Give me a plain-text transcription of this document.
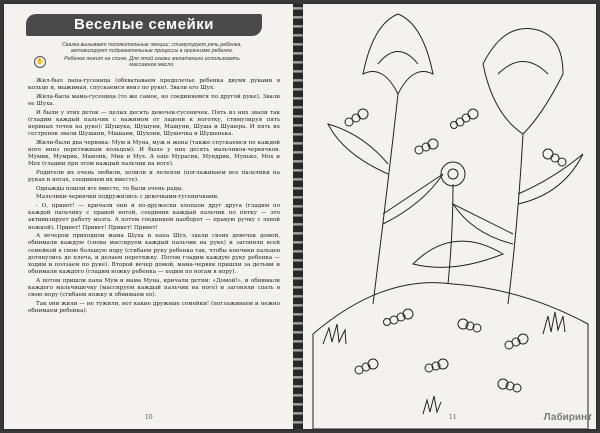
Веселые семейки
Сказка вызывает положительные эмоции; стимулирует речь ребенка, активизирует подражательные процессы в организме ребенка.
✋	Ребенок лежит на спине. Для этой сказки желательно использовать массажное масло.

Жил-был папа-гусеница (обхватываем предплечье ребенка двумя руками в кольцо и, мыжимая, спускаемся вниз по руке). Звали его Шух.

Жила-была мама-гусеница (то же самое, но соединяемся по другой руке). Звали ее Шуха.

И были у этих деток — целых десять девочек-гусеничек. Пять из них звали так (гладим каждый пальчик с нажимом от ладони к ноготку, стимулируя пять нервных точек на руке): Шушука, Шушуни, Машуни, Шуша и Шушера. И пять их сестренок звали Шушани, Машани, Шухони, Шушечка и Шушенька.

Жили-были два червяка: Мум и Муна, муж и жена (также спускаемся по каждой ноге вниз перетяжным кольцом). И было у них десять мальчиков-червячков. Мумик, Мумрик, Мамлик, Мик и Мух. А еще Мурасик, Мундрик, Мунько, Мох и Мех (гладим при этом каждый пальчик на ноге).

Родители их очень любили, холили и лелеяли (поглаживаем все пальчики на руках и ногах, соединяем их вместе).

Однажды пошли все вместе, то были очень рады.

Мальчики-червячки подружились с девочками-гусеничками.

- О, привет! — кричали они и по-дружески хлопали друг друга (гладим по каждой пальчику с правой ногой, соединив каждый пальчик по пятку — это активизирует работу мозга. А потом соединяем наоборот — правую ручку с левой ножкой). Привет! Привет! Привет! Привет!

А вечером приходили мама Шуха и папа Шух, звали своих девочек домой, обнимали каждую (снова массируем каждый пальчик на руке) и загоняли всей семейкой в свою большую нору (сгибаем руку ребенка так, чтобы кончики пальцев дотянулись до плеча, и делаем перетяжку. Потом гладим каждую руку ребенка — ходим и ползаем по руке). Второй вечер домой, мама-червяк пришли за детьми и обнимали каждого (гладим ножку ребенка — ходим по ногам в нору).

А потом пришли папа Мум и мама Муна, кричали детям: «Домой!», и обнимали каждого мальчишечку (массируем каждый пальчик на ноге) и загоняли спать в свою нору (сгибаем ножку и обнимаем ее).

Так они жили — не тужили, вот какие дружные семейки! (поглаживаем и нежно обнимаем ребенка).

10	11	Лабиринт
